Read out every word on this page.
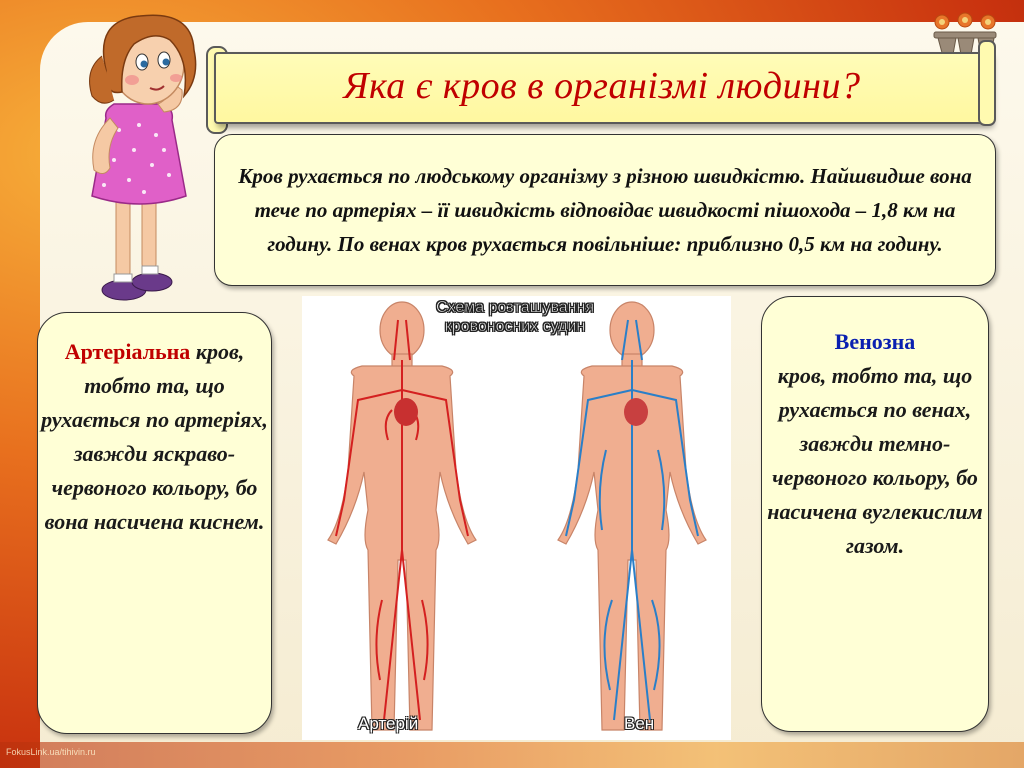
Яка є кров в організмі людини?
Кров рухається по людському організму з різною швидкістю. Найшвидше вона тече по артеріях – її швидкість відповідає швидкості пішохода – 1,8 км на годину. По венах кров рухається повільніше: приблизно 0,5 км на годину.
Артеріальна кров, тобто та, що рухається по артеріях, завжди яскраво-червоного кольору, бо вона насичена киснем.
Венозна
кров, тобто та, що рухається по венах, завжди темно-червоного кольору, бо насичена вуглекислим газом.
Схема розташування кровоносних судин
Артерій	Вен
FokusLink.ua/tihivin.ru
